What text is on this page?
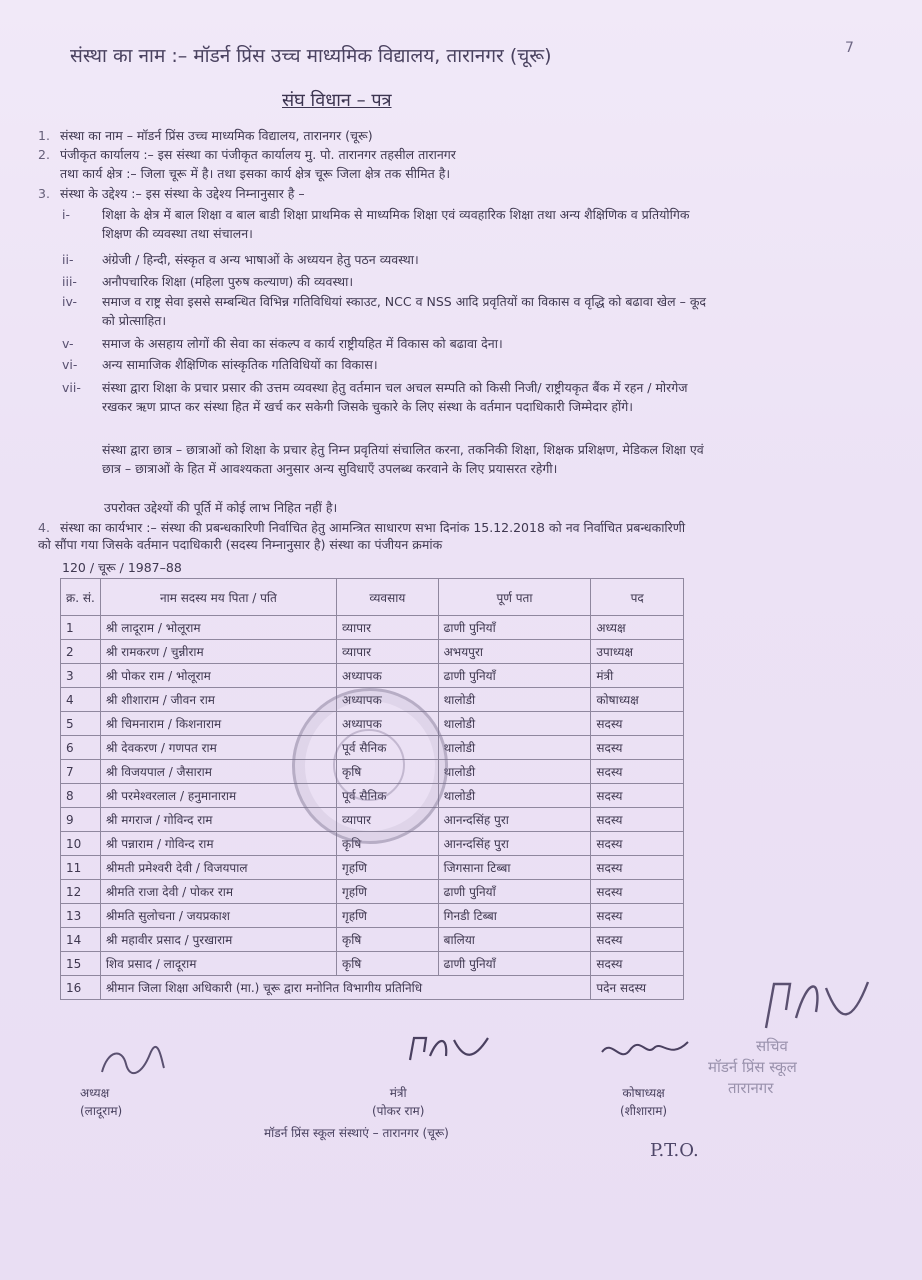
संस्था का नाम :– मॉडर्न प्रिंस उच्च माध्यमिक विद्यालय, तारानगर (चूरू)	7
संघ विधान – पत्र
1. संस्था का नाम – मॉडर्न प्रिंस उच्च माध्यमिक विद्यालय, तारानगर (चूरू)
2. पंजीकृत कार्यालय :– इस संस्था का पंजीकृत कार्यालय मु. पो. तारानगर तहसील तारानगर
तथा कार्य क्षेत्र :– जिला चूरू में है। तथा इसका कार्य क्षेत्र चूरू जिला क्षेत्र तक सीमित है।
3. संस्था के उद्देश्य :– इस संस्था के उद्देश्य निम्नानुसार है –
i-	शिक्षा के क्षेत्र में बाल शिक्षा व बाल बाडी शिक्षा प्राथमिक से माध्यमिक शिक्षा एवं व्यवहारिक शिक्षा तथा अन्य शैक्षिणिक व प्रतियोगिक शिक्षण की व्यवस्था तथा संचालन।
ii-	अंग्रेजी / हिन्दी, संस्कृत व अन्य भाषाओं के अध्ययन हेतु पठन व्यवस्था।
iii-	अनौपचारिक शिक्षा (महिला पुरुष कल्याण) की व्यवस्था।
iv-	समाज व राष्ट्र सेवा इससे सम्बन्धित विभिन्न गतिविधियां स्काउट, NCC व NSS आदि प्रवृतियों का विकास व वृद्धि को बढावा खेल – कूद को प्रोत्साहित।
v-	समाज के असहाय लोगों की सेवा का संकल्प व कार्य राष्ट्रीयहित में विकास को बढावा देना।
vi-	अन्य सामाजिक शैक्षिणिक सांस्कृतिक गतिविधियों का विकास।
vii-	संस्था द्वारा शिक्षा के प्रचार प्रसार की उत्तम व्यवस्था हेतु वर्तमान चल अचल सम्पति को किसी निजी/ राष्ट्रीयकृत बैंक में रहन / मोरगेज रखकर ऋण प्राप्त कर संस्था हित में खर्च कर सकेगी जिसके चुकारे के लिए संस्था के वर्तमान पदाधिकारी जिम्मेदार होंगे।
संस्था द्वारा छात्र – छात्राओं को शिक्षा के प्रचार हेतु निम्न प्रवृतियां संचालित करना, तकनिकी शिक्षा, शिक्षक प्रशिक्षण, मेडिकल शिक्षा एवं छात्र – छात्राओं के हित में आवश्यकता अनुसार अन्य सुविधाएँ उपलब्ध करवाने के लिए प्रयासरत रहेगी।
उपरोक्त उद्देश्यों की पूर्ति में कोई लाभ निहित नहीं है।
4. संस्था का कार्यभार :– संस्था की प्रबन्धकारिणी निर्वाचित हेतु आमन्त्रित साधारण सभा दिनांक 15.12.2018 को नव निर्वाचित प्रबन्धकारिणी को सौंपा गया जिसके वर्तमान पदाधिकारी (सदस्य निम्नानुसार है) संस्था का पंजीयन क्रमांक
120 / चूरू / 1987–88
क्र. सं.	नाम सदस्य मय पिता / पति	व्यवसाय	पूर्ण पता	पद
1	श्री लादूराम / भोलूराम	व्यापार	ढाणी पुनियाँ	अध्यक्ष
2	श्री रामकरण / चुन्नीराम	व्यापार	अभयपुरा	उपाध्यक्ष
3	श्री पोकर राम / भोलूराम	अध्यापक	ढाणी पुनियाँ	मंत्री
4	श्री शीशाराम / जीवन राम	अध्यापक	थालोडी	कोषाध्यक्ष
5	श्री चिमनाराम / किशनाराम	अध्यापक	थालोडी	सदस्य
6	श्री देवकरण / गणपत राम	पूर्व सैनिक	थालोडी	सदस्य
7	श्री विजयपाल / जैसाराम	कृषि	थालोडी	सदस्य
8	श्री परमेश्वरलाल / हनुमानाराम	पूर्व सैनिक	थालोडी	सदस्य
9	श्री मगराज / गोविन्द राम	व्यापार	आनन्दसिंह पुरा	सदस्य
10	श्री पन्नाराम / गोविन्द राम	कृषि	आनन्दसिंह पुरा	सदस्य
11	श्रीमती प्रमेश्वरी देवी / विजयपाल	गृहणि	जिगसाना टिब्बा	सदस्य
12	श्रीमति राजा देवी / पोकर राम	गृहणि	ढाणी पुनियाँ	सदस्य
13	श्रीमति सुलोचना / जयप्रकाश	गृहणि	गिनडी टिब्बा	सदस्य
14	श्री महावीर प्रसाद / पुरखाराम	कृषि	बालिया	सदस्य
15	शिव प्रसाद / लादूराम	कृषि	ढाणी पुनियाँ	सदस्य
16	श्रीमान जिला शिक्षा अधिकारी (मा.) चूरू द्वारा मनोनित विभागीय प्रतिनिधि			पदेन सदस्य
अध्यक्ष
(लादूराम)
मंत्री
(पोकर राम)
मॉडर्न प्रिंस स्कूल संस्थाएं – तारानगर (चूरू)
कोषाध्यक्ष
(शीशाराम)
P.T.O.
सचिव
मॉडर्न प्रिंस स्कूल
तारानगर
